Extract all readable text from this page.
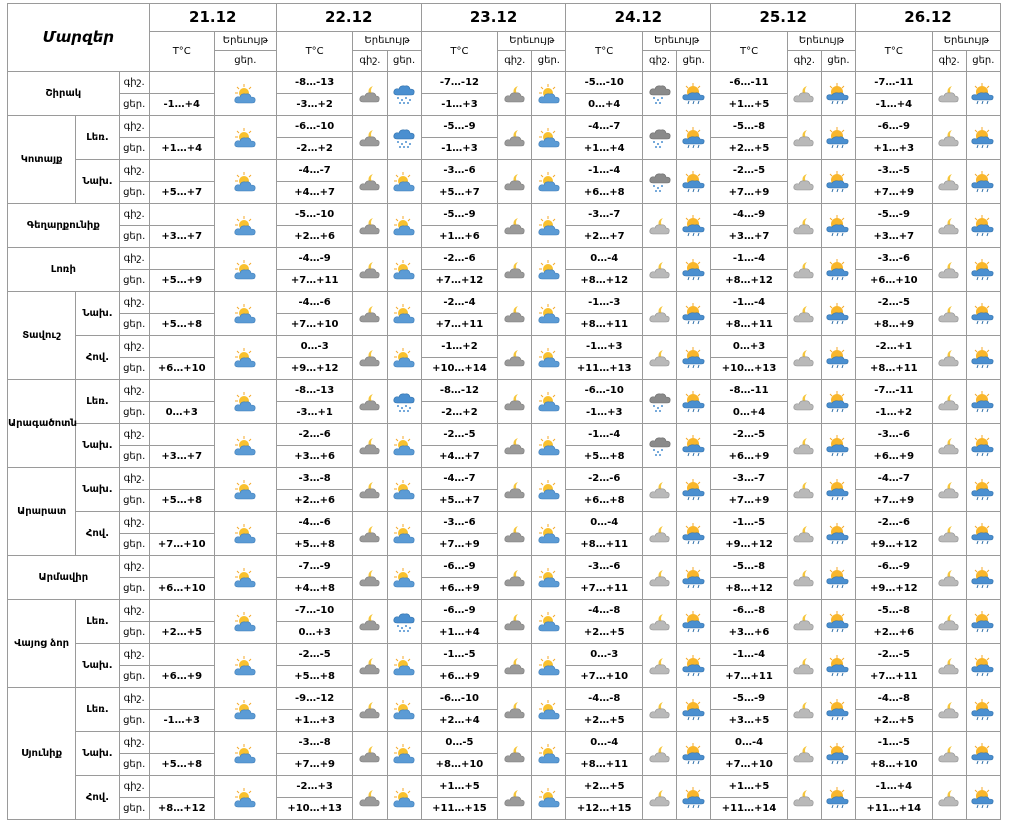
Մարզեր			21.12		22.12			23.12			24.12			25.12			26.12		
			T°C	Երեւույթ	T°C	Երեւույթ		T°C	Երեւույթ		T°C	Երեւույթ		T°C	Երեւույթ		T°C	Երեւույթ	
				ցեր.		գիշ.	ցեր.		գիշ.	ցեր.		գիշ.	ցեր.		գիշ.	ցեր.		գիշ.	ցեր.
Շիրակ		գիշ.			-8…-13			-7…-12			-5…-10			-6…-11			-7…-11	

		ցեր.	-1…+4		-3…+2			-1…+3			0…+4			+1…+5			-1…+4		
Կոտայք	Լեռ.	գիշ.			-6…-10			-5…-9			-4…-7			-5…-8			-6…-9	

		ցեր.	+1…+4		-2…+2			-1…+3			+1…+4			+2…+5			+1…+3		
	Նախ.	գիշ.			-4…-7			-3…-6			-1…-4			-2…-5			-3…-5	

		ցեր.	+5…+7		+4…+7			+5…+7			+6…+8			+7…+9			+7…+9		
Գեղարքունիք		գիշ.			-5…-10			-5…-9			-3…-7			-4…-9			-5…-9	

		ցեր.	+3…+7		+2…+6			+1…+6			+2…+7			+3…+7			+3…+7		
Լոռի		գիշ.			-4…-9			-2…-6			0…-4			-1…-4			-3…-6	

		ցեր.	+5…+9		+7…+11			+7…+12			+8…+12			+8…+12			+6…+10		
Տավուշ	Նախ.	գիշ.			-4…-6			-2…-4			-1…-3			-1…-4			-2…-5	

		ցեր.	+5…+8		+7…+10			+7…+11			+8…+11			+8…+11			+8…+9		
	Հով.	գիշ.			0…-3			-1…+2			-1…+3			0…+3			-2…+1	

		ցեր.	+6…+10		+9…+12			+10…+14			+11…+13			+10…+13			+8…+11		
Արագածոտն	Լեռ.	գիշ.			-8…-13			-8…-12			-6…-10			-8…-11			-7…-11	

		ցեր.	0…+3		-3…+1			-2…+2			-1…+3			0…+4			-1…+2		
	Նախ.	գիշ.			-2…-6			-2…-5			-1…-4			-2…-5			-3…-6	

		ցեր.	+3…+7		+3…+6			+4…+7			+5…+8			+6…+9			+6…+9		
Արարատ	Նախ.	գիշ.			-3…-8			-4…-7			-2…-6			-3…-7			-4…-7	

		ցեր.	+5…+8		+2…+6			+5…+7			+6…+8			+7…+9			+7…+9		
	Հով.	գիշ.			-4…-6			-3…-6			0…-4			-1…-5			-2…-6	

		ցեր.	+7…+10		+5…+8			+7…+9			+8…+11			+9…+12			+9…+12		
Արմավիր		գիշ.			-7…-9			-6…-9			-3…-6			-5…-8			-6…-9	

		ցեր.	+6…+10		+4…+8			+6…+9			+7…+11			+8…+12			+9…+12		
Վայոց ձոր	Լեռ.	գիշ.			-7…-10			-6…-9			-4…-8			-6…-8			-5…-8	

		ցեր.	+2…+5		0…+3			+1…+4			+2…+5			+3…+6			+2…+6		
	Նախ.	գիշ.			-2…-5			-1…-5			0…-3			-1…-4			-2…-5	

		ցեր.	+6…+9		+5…+8			+6…+9			+7…+10			+7…+11			+7…+11		
Սյունիք	Լեռ.	գիշ.			-9…-12			-6…-10			-4…-8			-5…-9			-4…-8	

		ցեր.	-1…+3		+1…+3			+2…+4			+2…+5			+3…+5			+2…+5		
	Նախ.	գիշ.			-3…-8			0…-5			0…-4			0…-4			-1…-5	

		ցեր.	+5…+8		+7…+9			+8…+10			+8…+11			+7…+10			+8…+10		
	Հով.	գիշ.			-2…+3			+1…+5			+2…+5			+1…+5			-1…+4	

		ցեր.	+8…+12		+10…+13			+11…+15			+12…+15			+11…+14			+11…+14		
